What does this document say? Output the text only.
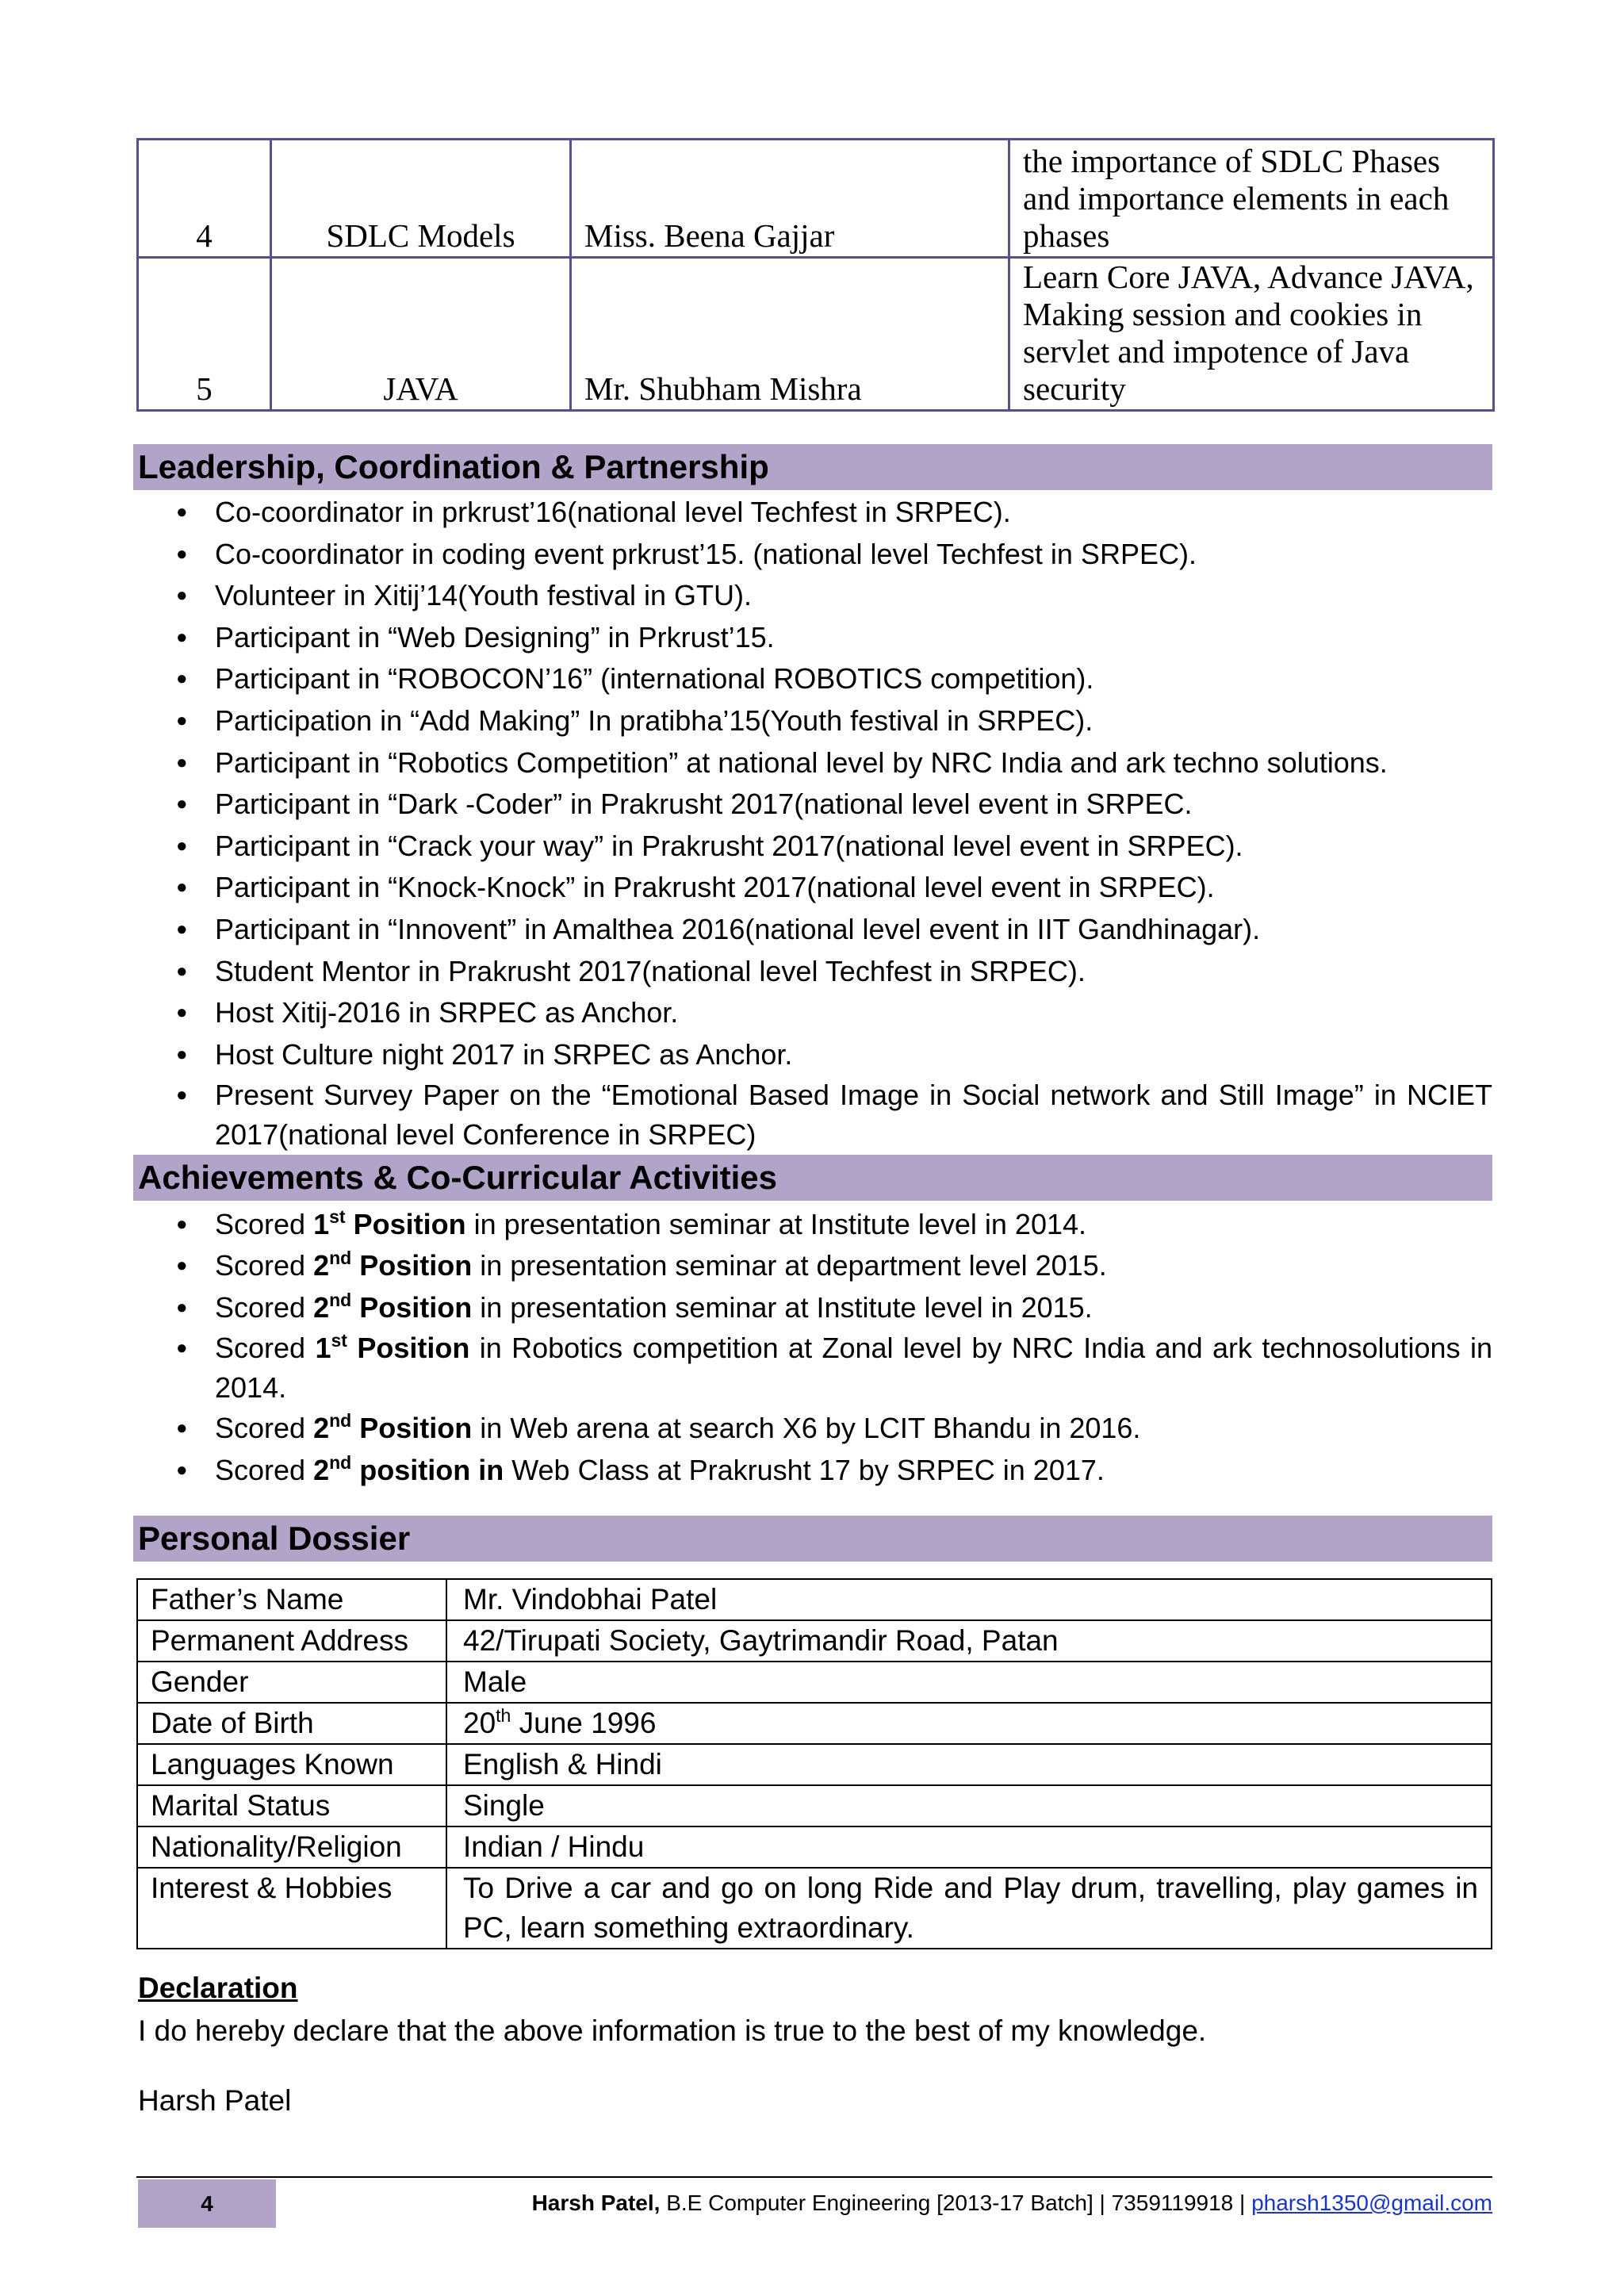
4	SDLC Models	Miss. Beena Gajjar	the importance of SDLC Phases and importance elements in each phases
5	JAVA	Mr. Shubham Mishra	Learn Core JAVA, Advance JAVA, Making session and cookies in servlet and impotence of Java security
Leadership, Coordination & Partnership
● Co-coordinator in prkrust’16(national level Techfest in SRPEC).
● Co-coordinator in coding event prkrust’15. (national level Techfest in SRPEC).
● Volunteer in Xitij’14(Youth festival in GTU).
● Participant in “Web Designing” in Prkrust’15.
● Participant in “ROBOCON’16” (international ROBOTICS competition).
● Participation in “Add Making” In pratibha’15(Youth festival in SRPEC).
● Participant in “Robotics Competition” at national level by NRC India and ark techno solutions.
● Participant in “Dark -Coder” in Prakrusht 2017(national level event in SRPEC.
● Participant in “Crack your way” in Prakrusht 2017(national level event in SRPEC).
● Participant in “Knock-Knock” in Prakrusht 2017(national level event in SRPEC).
● Participant in “Innovent” in Amalthea 2016(national level event in IIT Gandhinagar).
● Student Mentor in Prakrusht 2017(national level Techfest in SRPEC).
● Host Xitij-2016 in SRPEC as Anchor.
● Host Culture night 2017 in SRPEC as Anchor.
● Present Survey Paper on the “Emotional Based Image in Social network and Still Image” in NCIET 2017(national level Conference in SRPEC)
Achievements & Co-Curricular Activities
● Scored 1st Position in presentation seminar at Institute level in 2014.
● Scored 2nd Position in presentation seminar at department level 2015.
● Scored 2nd Position in presentation seminar at Institute level in 2015.
● Scored 1st Position in Robotics competition at Zonal level by NRC India and ark technosolutions in 2014.
● Scored 2nd Position in Web arena at search X6 by LCIT Bhandu in 2016.
● Scored 2nd position in Web Class at Prakrusht 17 by SRPEC in 2017.
Personal Dossier
Father’s Name	Mr. Vindobhai Patel
Permanent Address	42/Tirupati Society, Gaytrimandir Road, Patan
Gender	Male
Date of Birth	20th June 1996
Languages Known	English & Hindi
Marital Status	Single
Nationality/Religion	Indian / Hindu
Interest & Hobbies	To Drive a car and go on long Ride and Play drum, travelling, play games in PC, learn something extraordinary.
Declaration
I do hereby declare that the above information is true to the best of my knowledge.
Harsh Patel
4	Harsh Patel, B.E Computer Engineering [2013-17 Batch] | 7359119918 | pharsh1350@gmail.com
